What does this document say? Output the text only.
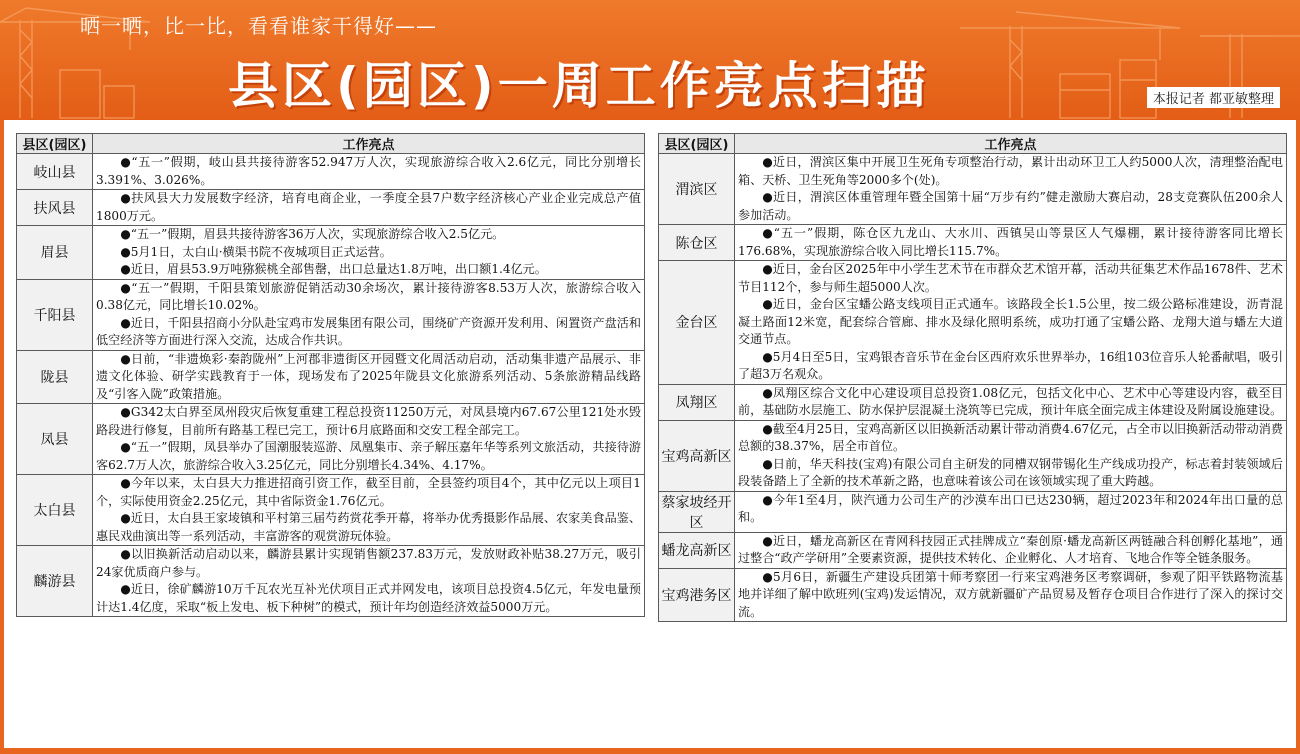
晒一晒，比一比，看看谁家干得好——
县区(园区)一周工作亮点扫描	本报记者 都亚敏整理
县区(园区)	工作亮点
岐山县	●“五一”假期，岐山县共接待游客52.947万人次，实现旅游综合收入2.6亿元，同比分别增长3.391%、3.026%。

扶风县	●扶风县大力发展数字经济，培育电商企业，一季度全县7户数字经济核心产业企业完成总产值1800万元。

眉县	●“五一”假期，眉县共接待游客36万人次，实现旅游综合收入2.5亿元。
●5月1日，太白山·横渠书院不夜城项目正式运营。
●近日，眉县53.9万吨猕猴桃全部售罄，出口总量达1.8万吨，出口额1.4亿元。

千阳县	●“五一”假期，千阳县策划旅游促销活动30余场次，累计接待游客8.53万人次，旅游综合收入0.38亿元，同比增长10.02%。
●近日，千阳县招商小分队赴宝鸡市发展集团有限公司，围绕矿产资源开发利用、闲置资产盘活和低空经济等方面进行深入交流，达成合作共识。

陇县	●日前，“非遗焕彩·秦韵陇州”上河郡非遗街区开园暨文化周活动启动，活动集非遗产品展示、非遗文化体验、研学实践教育于一体，现场发布了2025年陇县文化旅游系列活动、5条旅游精品线路及“引客入陇”政策措施。

凤县	●G342太白界至凤州段灾后恢复重建工程总投资11250万元，对凤县境内67.67公里121处水毁路段进行修复，目前所有路基工程已完工，预计6月底路面和交安工程全部完工。
●“五一”假期，凤县举办了国潮服装巡游、凤凰集市、亲子解压嘉年华等系列文旅活动，共接待游客62.7万人次，旅游综合收入3.25亿元，同比分别增长4.34%、4.17%。

太白县	●今年以来，太白县大力推进招商引资工作，截至目前，全县签约项目4个，其中亿元以上项目1个，实际使用资金2.25亿元，其中省际资金1.76亿元。
●近日，太白县王家堎镇和平村第三届芍药赏花季开幕，将举办优秀摄影作品展、农家美食品鉴、惠民戏曲演出等一系列活动，丰富游客的观赏游玩体验。

麟游县	●以旧换新活动启动以来，麟游县累计实现销售额237.83万元，发放财政补贴38.27万元，吸引24家优质商户参与。
●近日，徐矿麟游10万千瓦农光互补光伏项目正式并网发电，该项目总投资4.5亿元，年发电量预计达1.4亿度，采取“板上发电、板下种树”的模式，预计年均创造经济效益5000万元。
县区(园区)	工作亮点
渭滨区	●近日，渭滨区集中开展卫生死角专项整治行动，累计出动环卫工人约5000人次，清理整治配电箱、天桥、卫生死角等2000多个(处)。
●近日，渭滨区体重管理年暨全国第十届“万步有约”健走激励大赛启动，28支竞赛队伍200余人参加活动。

陈仓区	●“五一”假期，陈仓区九龙山、大水川、西镇吴山等景区人气爆棚，累计接待游客同比增长176.68%，实现旅游综合收入同比增长115.7%。

金台区	●近日，金台区2025年中小学生艺术节在市群众艺术馆开幕，活动共征集艺术作品1678件、艺术节目112个，参与师生超5000人次。
●近日，金台区宝蟠公路支线项目正式通车。该路段全长1.5公里，按二级公路标准建设，沥青混凝土路面12米宽，配套综合管廊、排水及绿化照明系统，成功打通了宝蟠公路、龙翔大道与蟠左大道交通节点。
●5月4日至5日，宝鸡银杏音乐节在金台区西府欢乐世界举办，16组103位音乐人轮番献唱，吸引了超3万名观众。

凤翔区	●凤翔区综合文化中心建设项目总投资1.08亿元，包括文化中心、艺术中心等建设内容，截至目前，基础防水层施工、防水保护层混凝土浇筑等已完成，预计年底全面完成主体建设及附属设施建设。

宝鸡高新区	●截至4月25日，宝鸡高新区以旧换新活动累计带动消费4.67亿元，占全市以旧换新活动带动消费总额的38.37%，居全市首位。
●日前，华天科技(宝鸡)有限公司自主研发的同槽双钢带锡化生产线成功投产，标志着封装领域后段装备踏上了全新的技术革新之路，也意味着该公司在该领域实现了重大跨越。

蔡家坡经开区	●今年1至4月，陕汽通力公司生产的沙漠车出口已达230辆，超过2023年和2024年出口量的总和。

蟠龙高新区	●近日，蟠龙高新区在青网科技园正式挂牌成立“秦创原·蟠龙高新区两链融合科创孵化基地”，通过整合“政产学研用”全要素资源，提供技术转化、企业孵化、人才培育、飞地合作等全链条服务。

宝鸡港务区	●5月6日，新疆生产建设兵团第十师考察团一行来宝鸡港务区考察调研，参观了阳平铁路物流基地并详细了解中欧班列(宝鸡)发运情况，双方就新疆矿产品贸易及暂存仓项目合作进行了深入的探讨交流。
